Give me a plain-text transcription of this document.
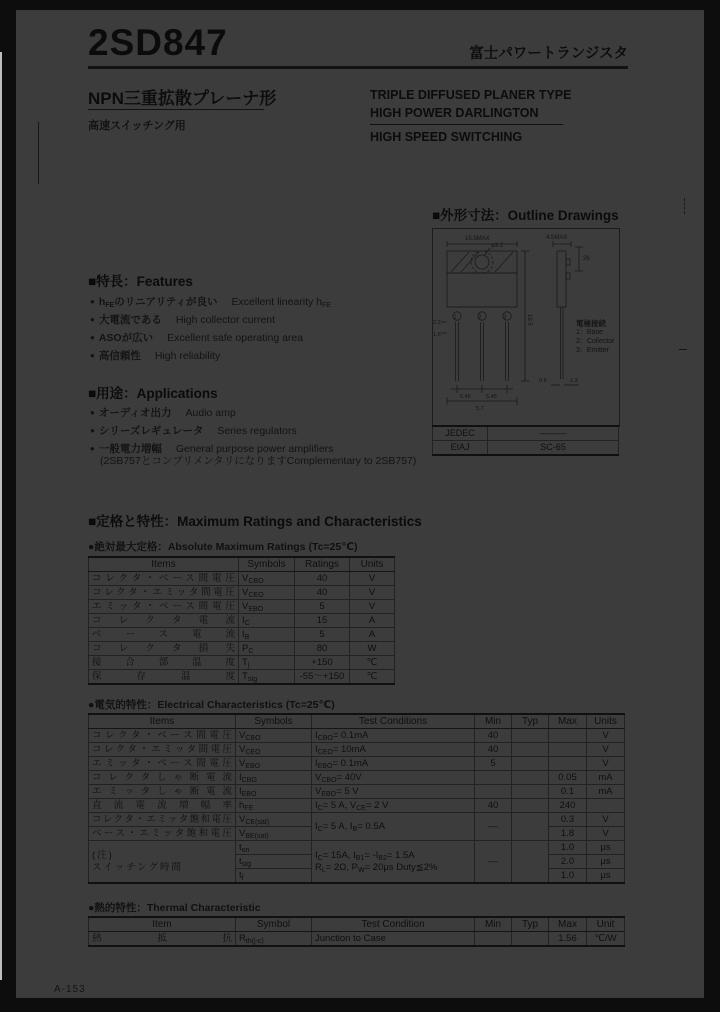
2SD847	富士パワートランジスタ
NPN三重拡散プレーナ形
高速スイッチング用
TRIPLE DIFFUSED PLANER TYPE
HIGH POWER DARLINGTON
HIGH SPEED SWITCHING
■外形寸法：Outline Drawings
15.5MAX
φ3.2
4.5MAX
26
19.5
2.2
1.6
5.45	5.45
5.7
0.5	1.3
1	2	3
電極接続
1：Base
2：Collector
3：Emitter
JEDEC	———
EIAJ	SC-65
■特長：Features
● $h_{FE}$のリニアリティが良い Excellent linearity $h_{FE}$
● 大電流である High collector current
● ASOが広い Excellent safe operating area
● 高信頼性 High reliability
■用途：Applications
● オーディオ出力 Audio amp
● シリーズレギュレータ Series regulators
● 一般電力増幅 General purpose power amplifiers
(2SB757とコンプリメンタリになりますComplementary to 2SB757)
■定格と特性：Maximum Ratings and Characteristics
●絶対最大定格：Absolute Maximum Ratings (Tc=25℃)
Items	Symbols	Ratings	Units
コレクタ・ベース間電圧	$V_{CBO}$	40	V
コレクタ・エミッタ間電圧	$V_{CEO}$	40	V
エミッタ・ベース間電圧	$V_{EBO}$	5	V
コレクタ電流	$I_C$	15	A
ベース電流	$I_B$	5	A
コレクタ損失	$P_C$	80	W
接合部温度	$T_j$	+150	℃
保存温度	$T_{stg}$	-55〜+150	℃
●電気的特性：Electrical Characteristics (Tc=25℃)
Items	Symbols	Test Conditions	Min	Typ	Max	Units
コレクタ・ベース間電圧	$V_{CBO}$	$I_{CBO}= 0.1mA$	40			V
コレクタ・エミッタ間電圧	$V_{CEO}$	$I_{CEO}= 10mA$	40			V
エミッタ・ベース間電圧	$V_{EBO}$	$I_{EBO}= 0.1mA$	5			V
コレクタしゃ断電流	$I_{CBO}$	$V_{CBO}= 40V$			0.05	mA
エミッタしゃ断電流	$I_{EBO}$	$V_{EBO}= 5$ V			0.1	mA
直流電流増幅率	$h_{FE}$	$I_C= 5$ A, $V_{CE}= 2$ V	40		240	
コレクタ・エミッタ飽和電圧	$V_{CE(sat)}$	$I_C= 5$ A, $I_B= 0.5A$	—		0.3	V
ベース・エミッタ飽和電圧	$V_{BE(sat)}$				1.8	V
(注)
スイッチング時間	$t_{on}$	$I_C= 15A$, $I_{B1}= -I_{B2}= 1.5A$
$R_L= 2\Omega$, $P_W= 20\mu s$ Duty≦2%	—		1.0	μs
	$t_{stg}$				2.0	μs
	$t_f$				1.0	μs
●熱的特性：Thermal Characteristic
Item	Symbol	Test Condition	Min	Typ	Max	Unit
熱　抵　抗	$R_{th(j-c)}$	Junction to Case			1.56	℃/W
A-153
